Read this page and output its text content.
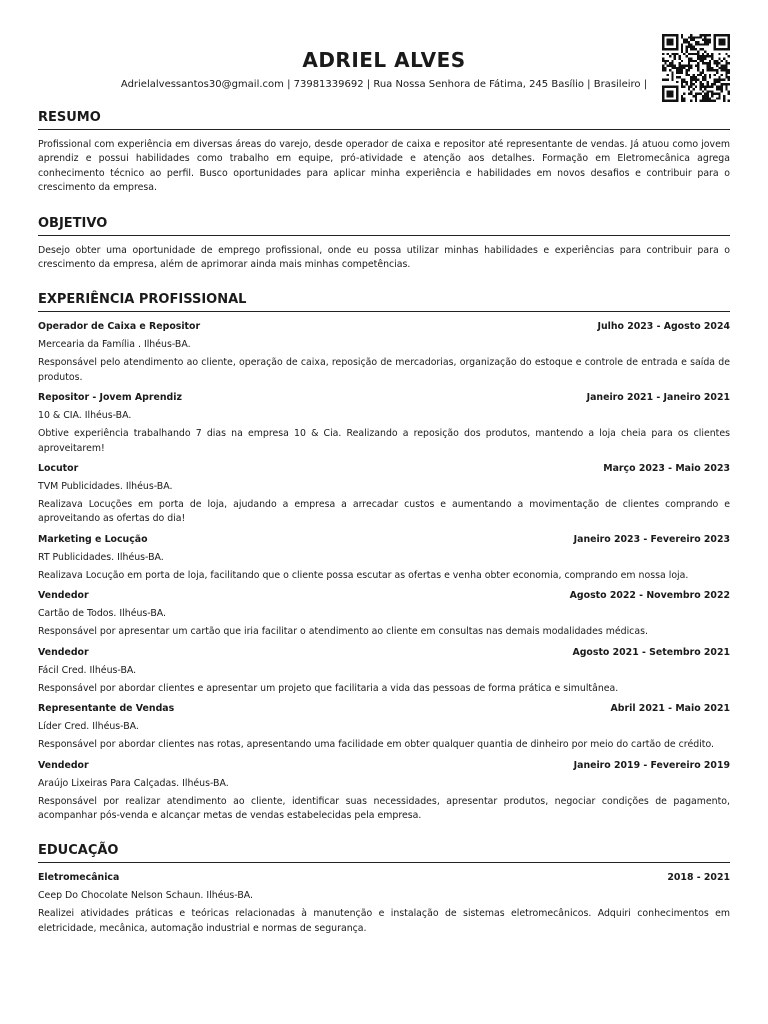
ADRIEL ALVES
Adrielalvessantos30@gmail.com | 73981339692 | Rua Nossa Senhora de Fátima, 245 Basílio | Brasileiro |
RESUMO

Profissional com experiência em diversas áreas do varejo, desde operador de caixa e repositor até representante de vendas. Já atuou como jovem aprendiz e possui habilidades como trabalho em equipe, pró-atividade e atenção aos detalhes. Formação em Eletromecânica agrega conhecimento técnico ao perfil. Busco oportunidades para aplicar minha experiência e habilidades em novos desafios e contribuir para o crescimento da empresa.

OBJETIVO

Desejo obter uma oportunidade de emprego profissional, onde eu possa utilizar minhas habilidades e experiências para contribuir para o crescimento da empresa, além de aprimorar ainda mais minhas competências.

EXPERIÊNCIA PROFISSIONAL
Operador de Caixa e Repositor	Julho 2023 - Agosto 2024
Mercearia da Família . Ilhéus-BA.

Responsável pelo atendimento ao cliente, operação de caixa, reposição de mercadorias, organização do estoque e controle de entrada e saída de produtos.

Repositor - Jovem Aprendiz	Janeiro 2021 - Janeiro 2021
10 & CIA. Ilhéus-BA.

Obtive experiência trabalhando 7 dias na empresa 10 & Cia. Realizando a reposição dos produtos, mantendo a loja cheia para os clientes aproveitarem!

Locutor	Março 2023 - Maio 2023
TVM Publicidades. Ilhéus-BA.

Realizava Locuções em porta de loja, ajudando a empresa a arrecadar custos e aumentando a movimentação de clientes comprando e aproveitando as ofertas do dia!

Marketing e Locução	Janeiro 2023 - Fevereiro 2023
RT Publicidades. Ilhéus-BA.

Realizava Locução em porta de loja, facilitando que o cliente possa escutar as ofertas e venha obter economia, comprando em nossa loja.

Vendedor	Agosto 2022 - Novembro 2022
Cartão de Todos. Ilhéus-BA.

Responsável por apresentar um cartão que iria facilitar o atendimento ao cliente em consultas nas demais modalidades médicas.

Vendedor	Agosto 2021 - Setembro 2021
Fácil Cred. Ilhéus-BA.

Responsável por abordar clientes e apresentar um projeto que facilitaria a vida das pessoas de forma prática e simultânea.

Representante de Vendas	Abril 2021 - Maio 2021
Líder Cred. Ilhéus-BA.

Responsável por abordar clientes nas rotas, apresentando uma facilidade em obter qualquer quantia de dinheiro por meio do cartão de crédito.

Vendedor	Janeiro 2019 - Fevereiro 2019
Araújo Lixeiras Para Calçadas. Ilhéus-BA.

Responsável por realizar atendimento ao cliente, identificar suas necessidades, apresentar produtos, negociar condições de pagamento, acompanhar pós-venda e alcançar metas de vendas estabelecidas pela empresa.

EDUCAÇÃO
Eletromecânica	2018 - 2021
Ceep Do Chocolate Nelson Schaun. Ilhéus-BA.

Realizei atividades práticas e teóricas relacionadas à manutenção e instalação de sistemas eletromecânicos. Adquiri conhecimentos em eletricidade, mecânica, automação industrial e normas de segurança.
